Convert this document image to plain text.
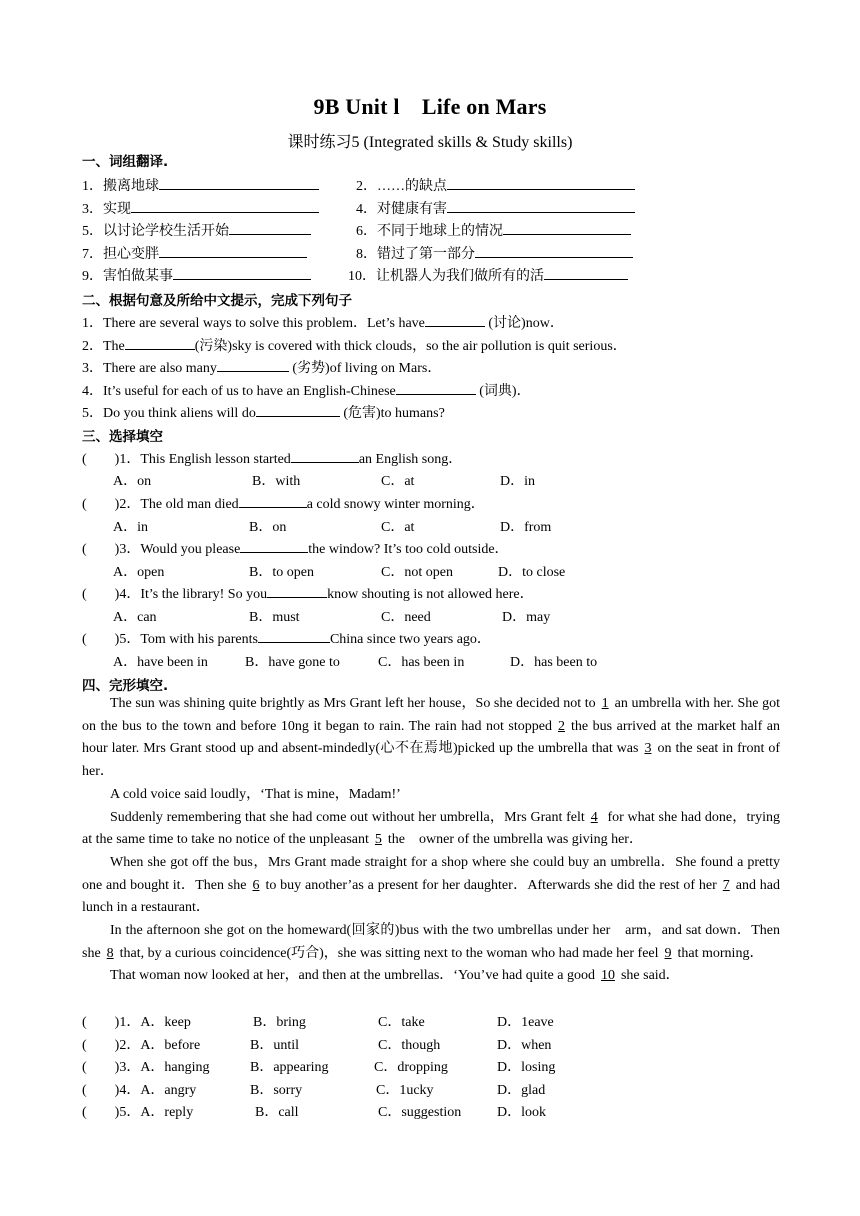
9B Unit l　Life on Mars
课时练习5 (Integrated skills & Study skills)
一、词组翻译.
1．搬离地球	2．……的缺点
3．实现	4．对健康有害
5．以讨论学校生活开始	6．不同于地球上的情况
7．担心变胖	8．错过了第一部分
9．害怕做某事	10．让机器人为我们做所有的活
二、根据句意及所给中文提示，完成下列句子
1．There are several ways to solve this problem．Let’s have	(讨论)now．
2．The	(污染)sky is covered with thick clouds，so the air pollution is quit serious．
3．There are also many	(劣势)of living on Mars．
4．It’s useful for each of us to have an English-Chinese	(词典)．
5．Do you think aliens will do	(危害)to humans?
三、选择填空
(　　)1．This English lesson started	an English song．
A．on	B．with	C．at	D．in
(　　)2．The old man died	a cold snowy winter morning．
A．in	B．on	C．at	D．from
(　　)3．Would you please	the window? It’s too cold outside．
A．open	B．to open	C．not open	D．to close
(　　)4．It’s the library! So you	know shouting is not allowed here．
A．can	B．must	C．need	D．may
(　　)5．Tom with his parents	China since two years ago．
A．have been in	B．have gone to	C．has been in	D．has been to
四、完形填空.

The sun was shining quite brightly as Mrs Grant left her house，So she decided not to 1 an umbrella with her. She got on the bus to the town and before 10ng it began to rain. The rain had not stopped 2 the bus arrived at the market half an hour later. Mrs Grant stood up and absent-mindedly(心不在焉地)picked up the umbrella that was 3 on the seat in front of her．

A cold voice said loudly，‘That is mine，Madam!’

Suddenly remembering that she had come out without her umbrella，Mrs Grant felt 4 for what she had done，trying at the same time to take no notice of the unpleasant 5 the　owner of the umbrella was giving her．

When she got off the bus，Mrs Grant made straight for a shop where she could buy an umbrella．She found a pretty one and bought it．Then she 6 to buy another’as a present for her daughter．Afterwards she did the rest of her 7 and had lunch in a restaurant．

In the afternoon she got on the homeward(回家的)bus with the two umbrellas under her　arm，and sat down．Then she 8 that, by a curious coincidence(巧合)，she was sitting next to the woman who had made her feel 9 that morning．

That woman now looked at her，and then at the umbrellas．‘You’ve had quite a good 10 she said．

(　　)1．A．keep	B．bring	C．take	D．1eave
(　　)2．A．before	B．until	C．though	D．when
(　　)3．A．hanging	B．appearing	C．dropping	D．losing
(　　)4．A．angry	B．sorry	C．1ucky	D．glad
(　　)5．A．reply	B．call	C．suggestion	D．look
